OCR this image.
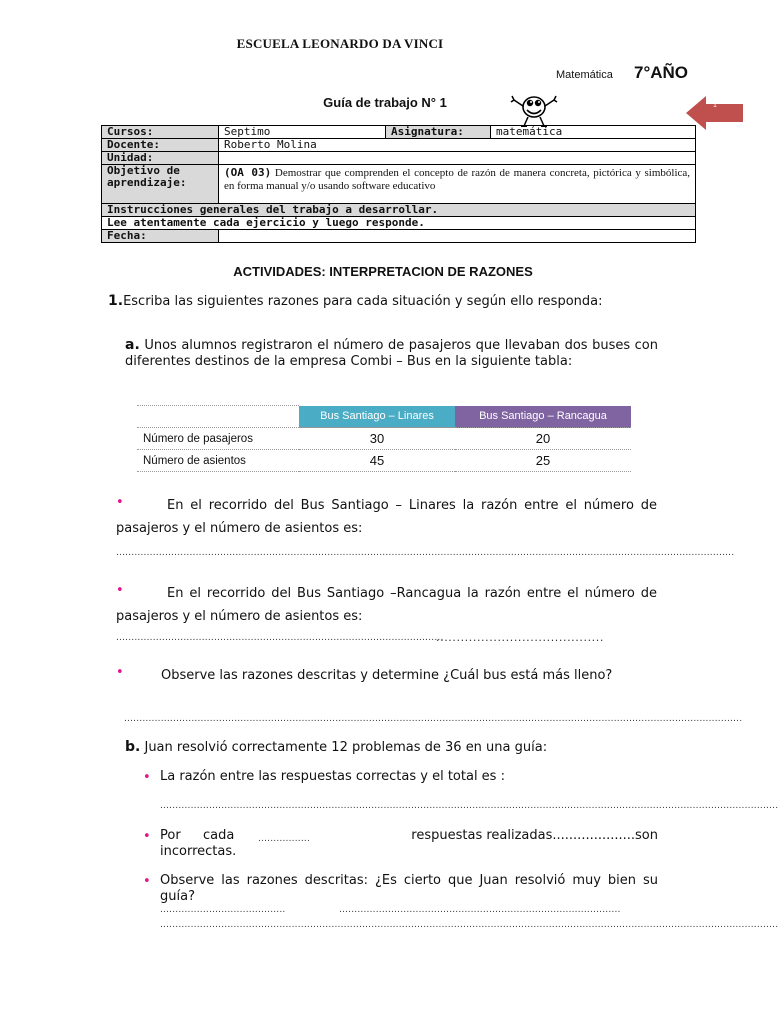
ESCUELA LEONARDO DA VINCI
Matemática 7°AÑO
Guía de trabajo N° 1	1
Cursos:	Septimo	Asignatura:	matemática
Docente:	Roberto Molina		
Unidad:			
Objetivo de aprendizaje:	(OA 03) Demostrar que comprenden el concepto de razón de manera concreta, pictórica y simbólica, en forma manual y/o usando software educativo		
Instrucciones generales del trabajo a desarrollar.			
Lee atentamente cada ejercicio y luego responde.			
Fecha:			
ACTIVIDADES: INTERPRETACION DE RAZONES
1.Escriba las siguientes razones para cada situación y según ello responda:
a. Unos alumnos registraron el número de pasajeros que llevaban dos buses con diferentes destinos de la empresa Combi – Bus en la siguiente tabla:
	Bus Santiago – Linares	Bus Santiago – Rancagua
Número de pasajeros	30	20
Número de asientos	45	25
•	En el recorrido del Bus Santiago – Linares la razón entre el número de pasajeros y el número de asientos es:
..........................................................................................................................................................................................................
•	En el recorrido del Bus Santiago –Rancagua la razón entre el número de pasajeros y el número de asientos es:
...........................................................................................................
.........................................
•	Observe las razones descritas y determine ¿Cuál bus está más lleno?
..........................................................................................................................................................................................................
b. Juan resolvió correctamente 12 problemas de 36 en una guía:
• La razón entre las respuestas correctas y el total es :
..........................................................................................................................................................................................................
• Por cada	.................	respuestas realizadas....................son
incorrectas.
• Observe las razones descritas: ¿Es cierto que Juan resolvió muy bien su guía?
.........................................	............................................................................................
..........................................................................................................................................................................................................
